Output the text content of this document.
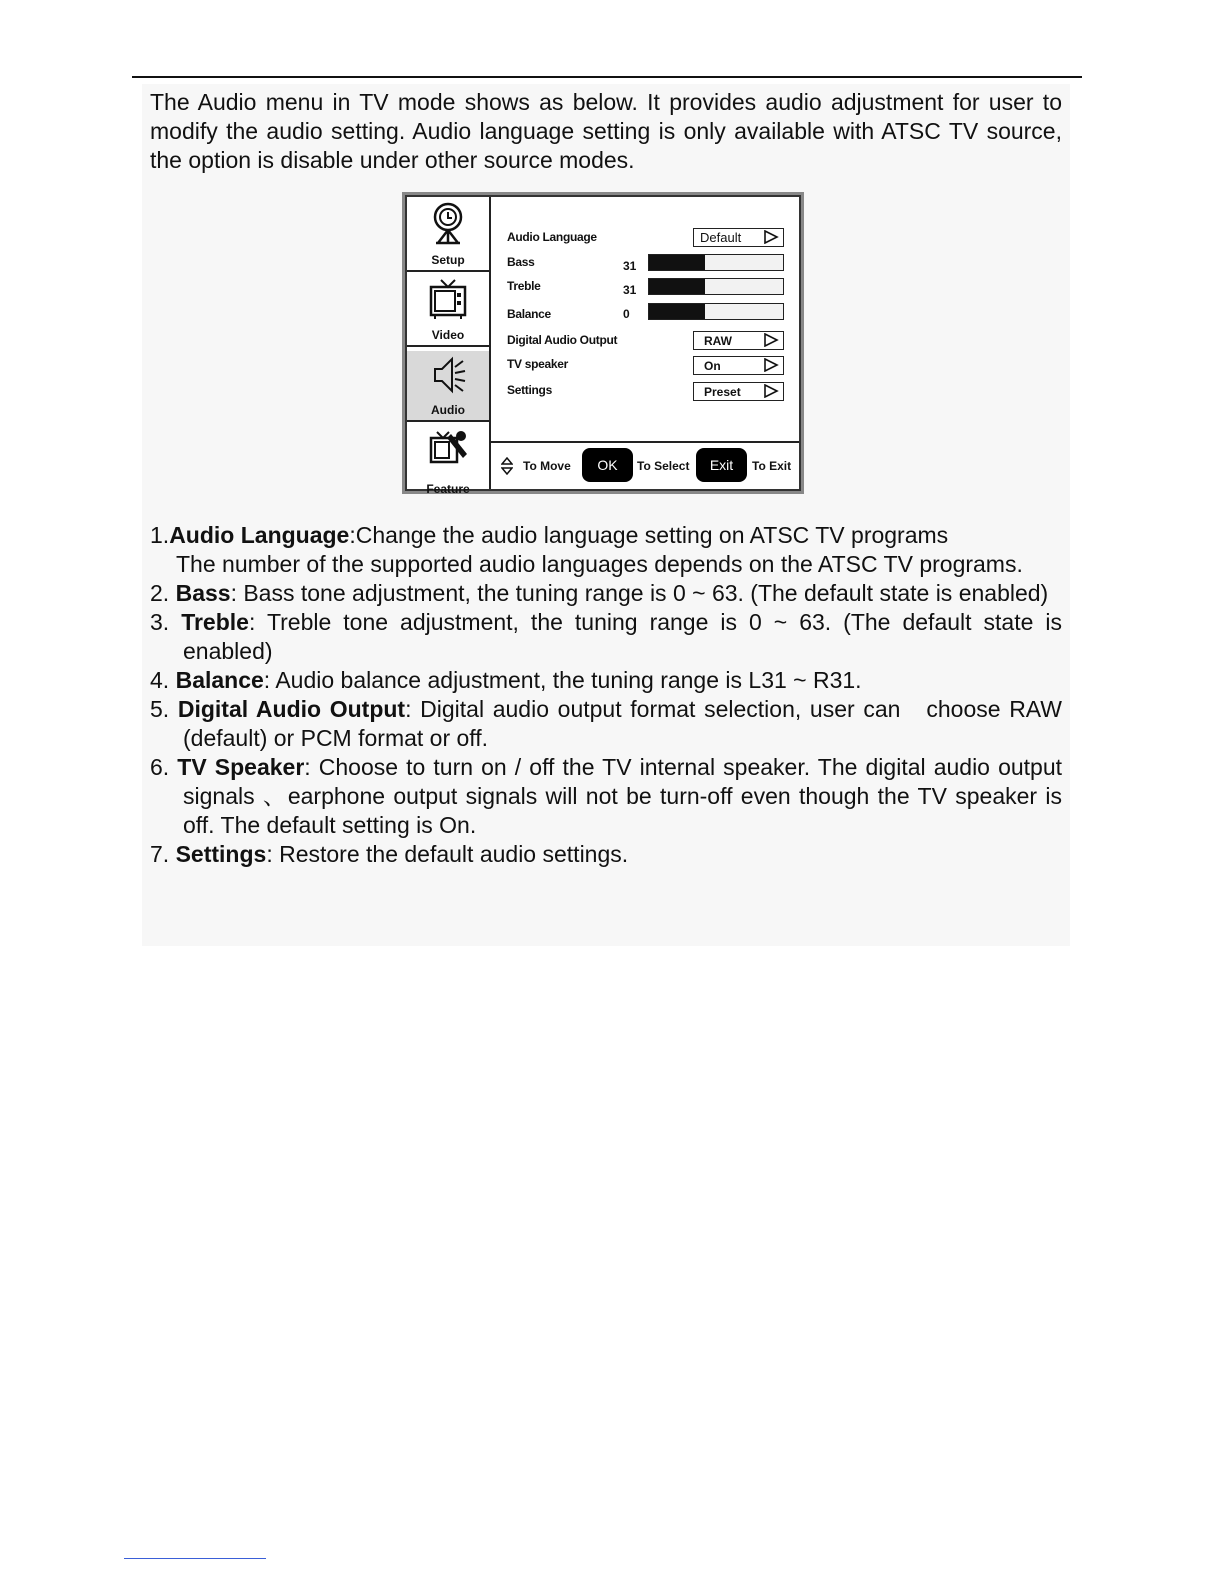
The Audio menu in TV mode shows as below. It provides audio adjustment for user to modify the audio setting. Audio language setting is only available with ATSC TV source, the option is disable under other source modes.

Setup
Video
Audio
Feature
Audio Language	Default
Bass	31
Treble	31
Balance	0
Digital Audio Output	RAW
TV speaker	On
Settings	Preset
To Move	OK	To Select	Exit	To Exit

1.Audio Language:Change the audio language setting on ATSC TV programs
The number of the supported audio languages depends on the ATSC TV programs.

2. Bass: Bass tone adjustment, the tuning range is 0 ~ 63. (The default state is enabled)

3. Treble: Treble tone adjustment, the tuning range is 0 ~ 63. (The default state is enabled)

4. Balance: Audio balance adjustment, the tuning range is L31 ~ R31.

5. Digital Audio Output: Digital audio output format selection, user can   choose RAW (default) or PCM format or off.

6. TV Speaker: Choose to turn on / off the TV internal speaker. The digital audio output signals 、earphone output signals will not be turn-off even though the TV speaker is off. The default setting is On.

7. Settings: Restore the default audio settings.
